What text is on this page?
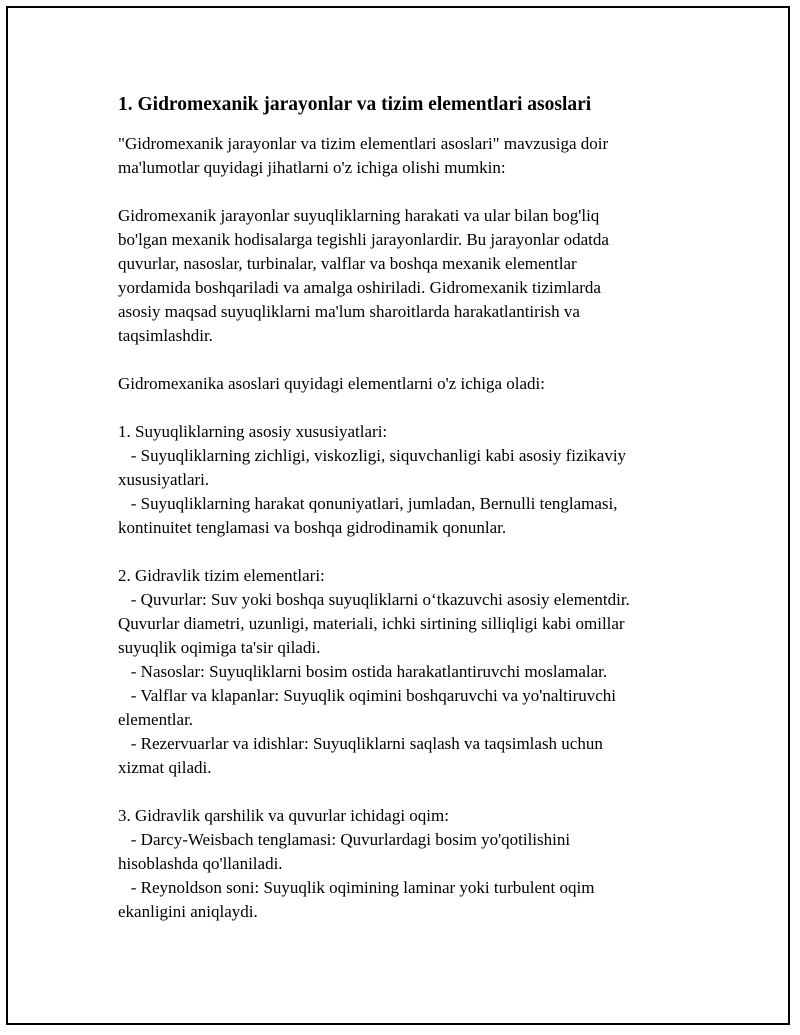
1. Gidromexanik jarayonlar va tizim elementlari asoslari
"Gidromexanik jarayonlar va tizim elementlari asoslari" mavzusiga doir
ma'lumotlar quyidagi jihatlarni o'z ichiga olishi mumkin:
Gidromexanik jarayonlar suyuqliklarning harakati va ular bilan bog'liq
bo'lgan mexanik hodisalarga tegishli jarayonlardir. Bu jarayonlar odatda
quvurlar, nasoslar, turbinalar, valflar va boshqa mexanik elementlar
yordamida boshqariladi va amalga oshiriladi. Gidromexanik tizimlarda
asosiy maqsad suyuqliklarni ma'lum sharoitlarda harakatlantirish va
taqsimlashdir.
Gidromexanika asoslari quyidagi elementlarni o'z ichiga oladi:
1. Suyuqliklarning asosiy xususiyatlari:
- Suyuqliklarning zichligi, viskozligi, siquvchanligi kabi asosiy fizikaviy
xususiyatlari.
- Suyuqliklarning harakat qonuniyatlari, jumladan, Bernulli tenglamasi,
kontinuitet tenglamasi va boshqa gidrodinamik qonunlar.
2. Gidravlik tizim elementlari:
- Quvurlar: Suv yoki boshqa suyuqliklarni o‘tkazuvchi asosiy elementdir.
Quvurlar diametri, uzunligi, materiali, ichki sirtining silliqligi kabi omillar
suyuqlik oqimiga ta'sir qiladi.
- Nasoslar: Suyuqliklarni bosim ostida harakatlantiruvchi moslamalar.
- Valflar va klapanlar: Suyuqlik oqimini boshqaruvchi va yo'naltiruvchi
elementlar.
- Rezervuarlar va idishlar: Suyuqliklarni saqlash va taqsimlash uchun
xizmat qiladi.
3. Gidravlik qarshilik va quvurlar ichidagi oqim:
- Darcy-Weisbach tenglamasi: Quvurlardagi bosim yo'qotilishini
hisoblashda qo'llaniladi.
- Reynoldson soni: Suyuqlik oqimining laminar yoki turbulent oqim
ekanligini aniqlaydi.
